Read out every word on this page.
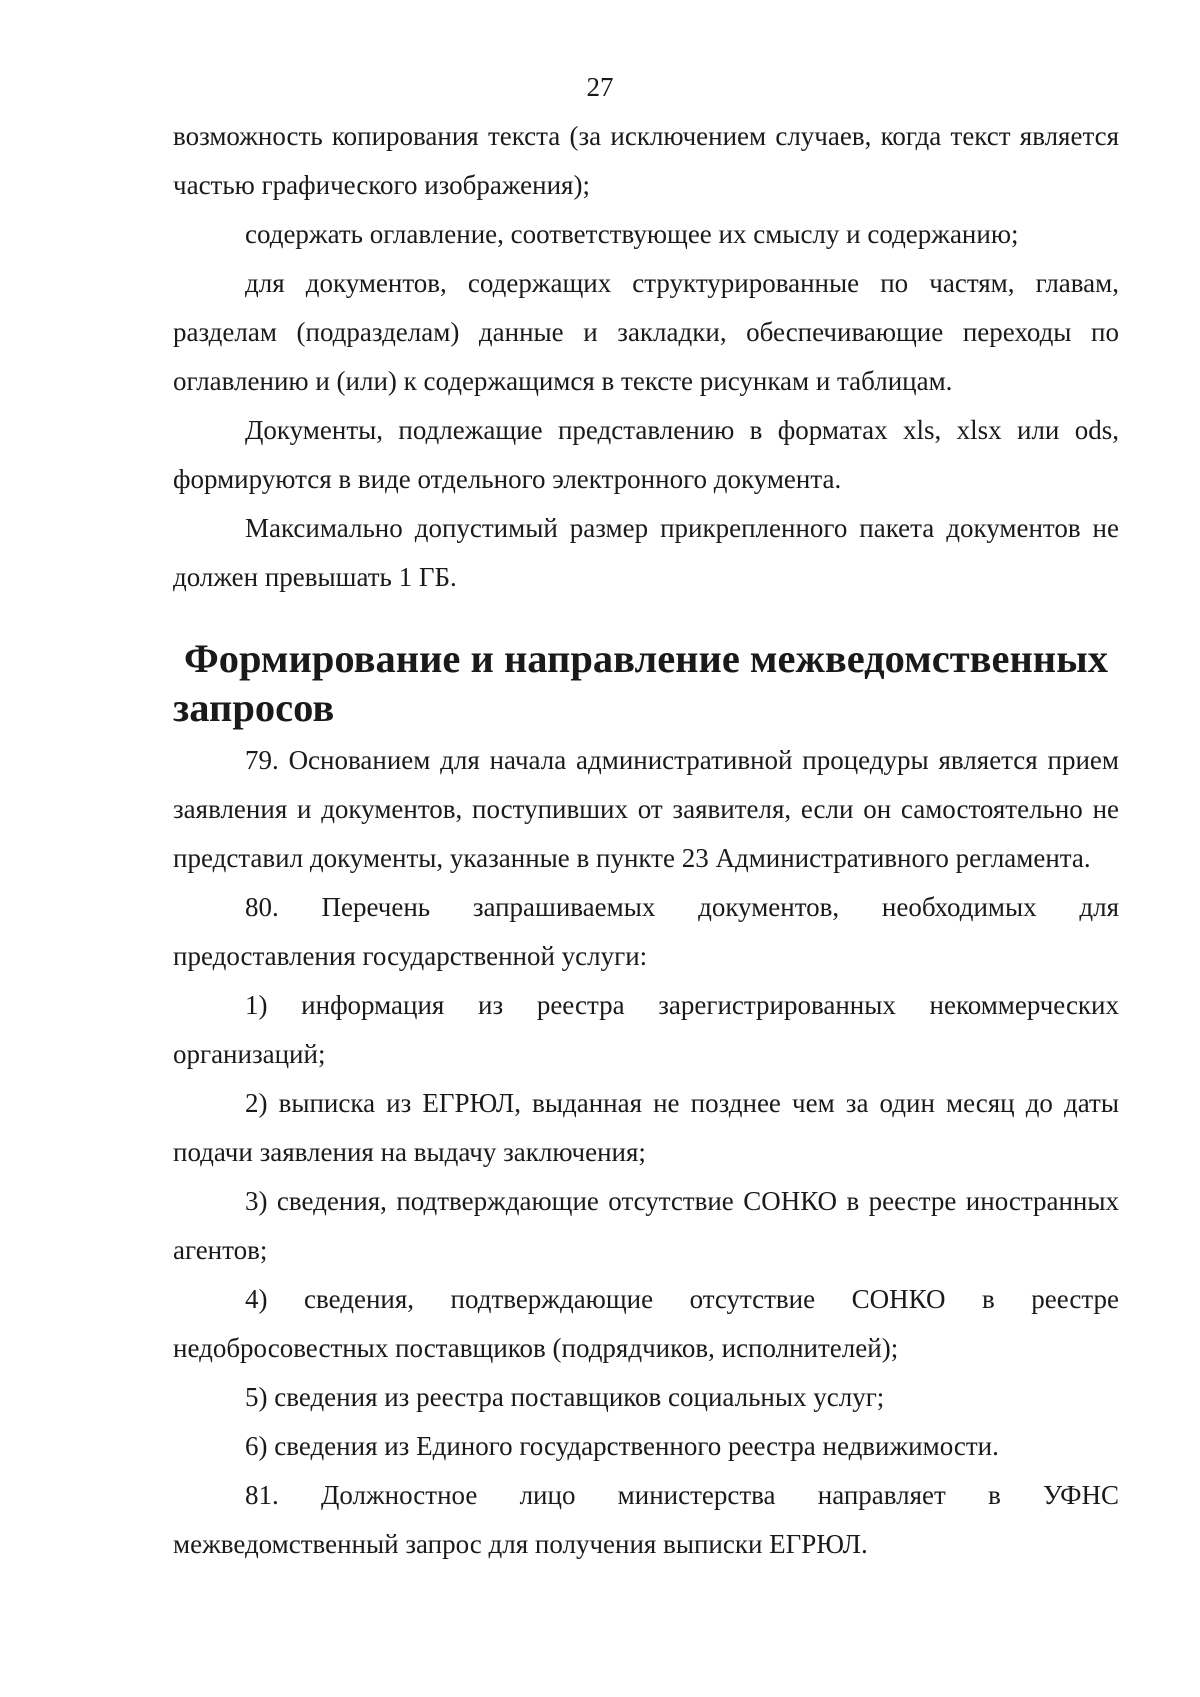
27

возможность копирования текста (за исключением случаев, когда текст является частью графического изображения);

содержать оглавление, соответствующее их смыслу и содержанию;

для документов, содержащих структурированные по частям, главам, разделам (подразделам) данные и закладки, обеспечивающие переходы по оглавлению и (или) к содержащимся в тексте рисункам и таблицам.

Документы, подлежащие представлению в форматах xls, xlsx или ods, формируются в виде отдельного электронного документа.

Максимально допустимый размер прикрепленного пакета документов не должен превышать 1 ГБ.

Формирование и направление межведомственных запросов

79. Основанием для начала административной процедуры является прием заявления и документов, поступивших от заявителя, если он самостоятельно не представил документы, указанные в пункте 23 Административного регламента.

80. Перечень запрашиваемых документов, необходимых для предоставления государственной услуги:

1) информация из реестра зарегистрированных некоммерческих организаций;

2) выписка из ЕГРЮЛ, выданная не позднее чем за один месяц до даты подачи заявления на выдачу заключения;

3) сведения, подтверждающие отсутствие СОНКО в реестре иностранных агентов;

4) сведения, подтверждающие отсутствие СОНКО в реестре недобросовестных поставщиков (подрядчиков, исполнителей);

5) сведения из реестра поставщиков социальных услуг;

6) сведения из Единого государственного реестра недвижимости.

81. Должностное лицо министерства направляет в УФНС межведомственный запрос для получения выписки ЕГРЮЛ.
